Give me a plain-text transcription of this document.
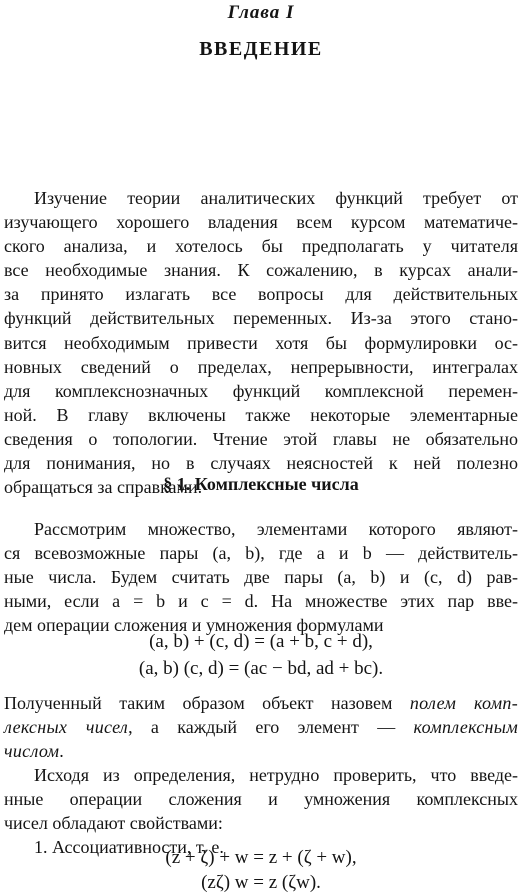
Глава I
ВВЕДЕНИЕ
Изучение теории аналитических функций требует от
изучающего хорошего владения всем курсом математиче-
ского анализа, и хотелось бы предполагать у читателя
все необходимые знания. К сожалению, в курсах анали-
за принято излагать все вопросы для действительных
функций действительных переменных. Из-за этого стано-
вится необходимым привести хотя бы формулировки ос-
новных сведений о пределах, непрерывности, интегралах
для комплекснозначных функций комплексной перемен-
ной. В главу включены также некоторые элементарные
сведения о топологии. Чтение этой главы не обязательно
для понимания, но в случаях неясностей к ней полезно
обращаться за справками.
§ 1. Комплексные числа
Рассмотрим множество, элементами которого являют-
ся всевозможные пары (a, b), где a и b — действитель-
ные числа. Будем считать две пары (a, b) и (c, d) рав-
ными, если a = b и c = d. На множестве этих пар вве-
дем операции сложения и умножения формулами
(a, b) + (c, d) = (a + b, c + d),
(a, b) (c, d) = (ac − bd, ad + bc).
Полученный таким образом объект назовем полем комп-
лексных чисел, а каждый его элемент — комплексным
числом.
Исходя из определения, нетрудно проверить, что введе-
нные операции сложения и умножения комплексных
чисел обладают свойствами:
1. Ассоциативности, т. е.
(z + ζ) + w = z + (ζ + w),
(zζ) w = z (ζw).
